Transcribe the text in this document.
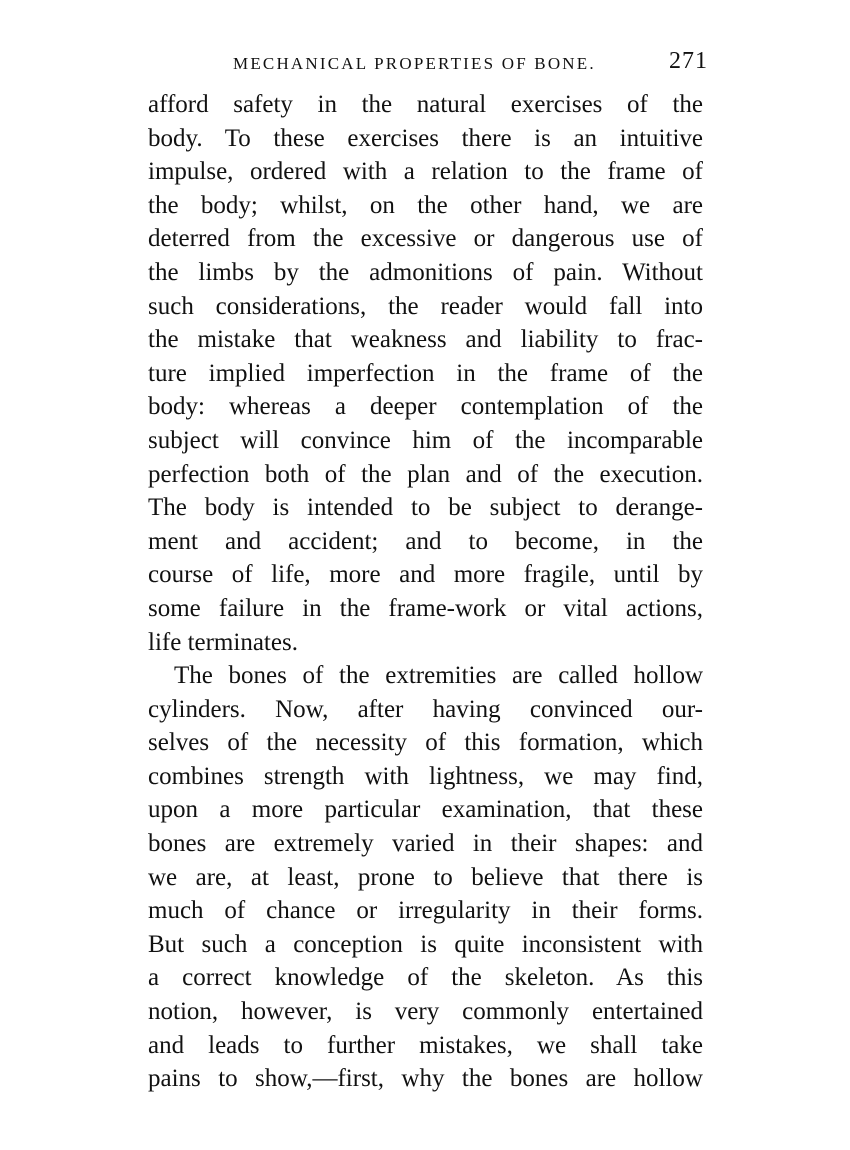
MECHANICAL PROPERTIES OF BONE.	271
afford safety in the natural exercises of the
body. To these exercises there is an intuitive
impulse, ordered with a relation to the frame of
the body; whilst, on the other hand, we are
deterred from the excessive or dangerous use of
the limbs by the admonitions of pain. Without
such considerations, the reader would fall into
the mistake that weakness and liability to frac-
ture implied imperfection in the frame of the
body: whereas a deeper contemplation of the
subject will convince him of the incomparable
perfection both of the plan and of the execution.
The body is intended to be subject to derange-
ment and accident; and to become, in the
course of life, more and more fragile, until by
some failure in the frame-work or vital actions,
life terminates.
The bones of the extremities are called hollow
cylinders. Now, after having convinced our-
selves of the necessity of this formation, which
combines strength with lightness, we may find,
upon a more particular examination, that these
bones are extremely varied in their shapes: and
we are, at least, prone to believe that there is
much of chance or irregularity in their forms.
But such a conception is quite inconsistent with
a correct knowledge of the skeleton. As this
notion, however, is very commonly entertained
and leads to further mistakes, we shall take
pains to show,—first, why the bones are hollow
